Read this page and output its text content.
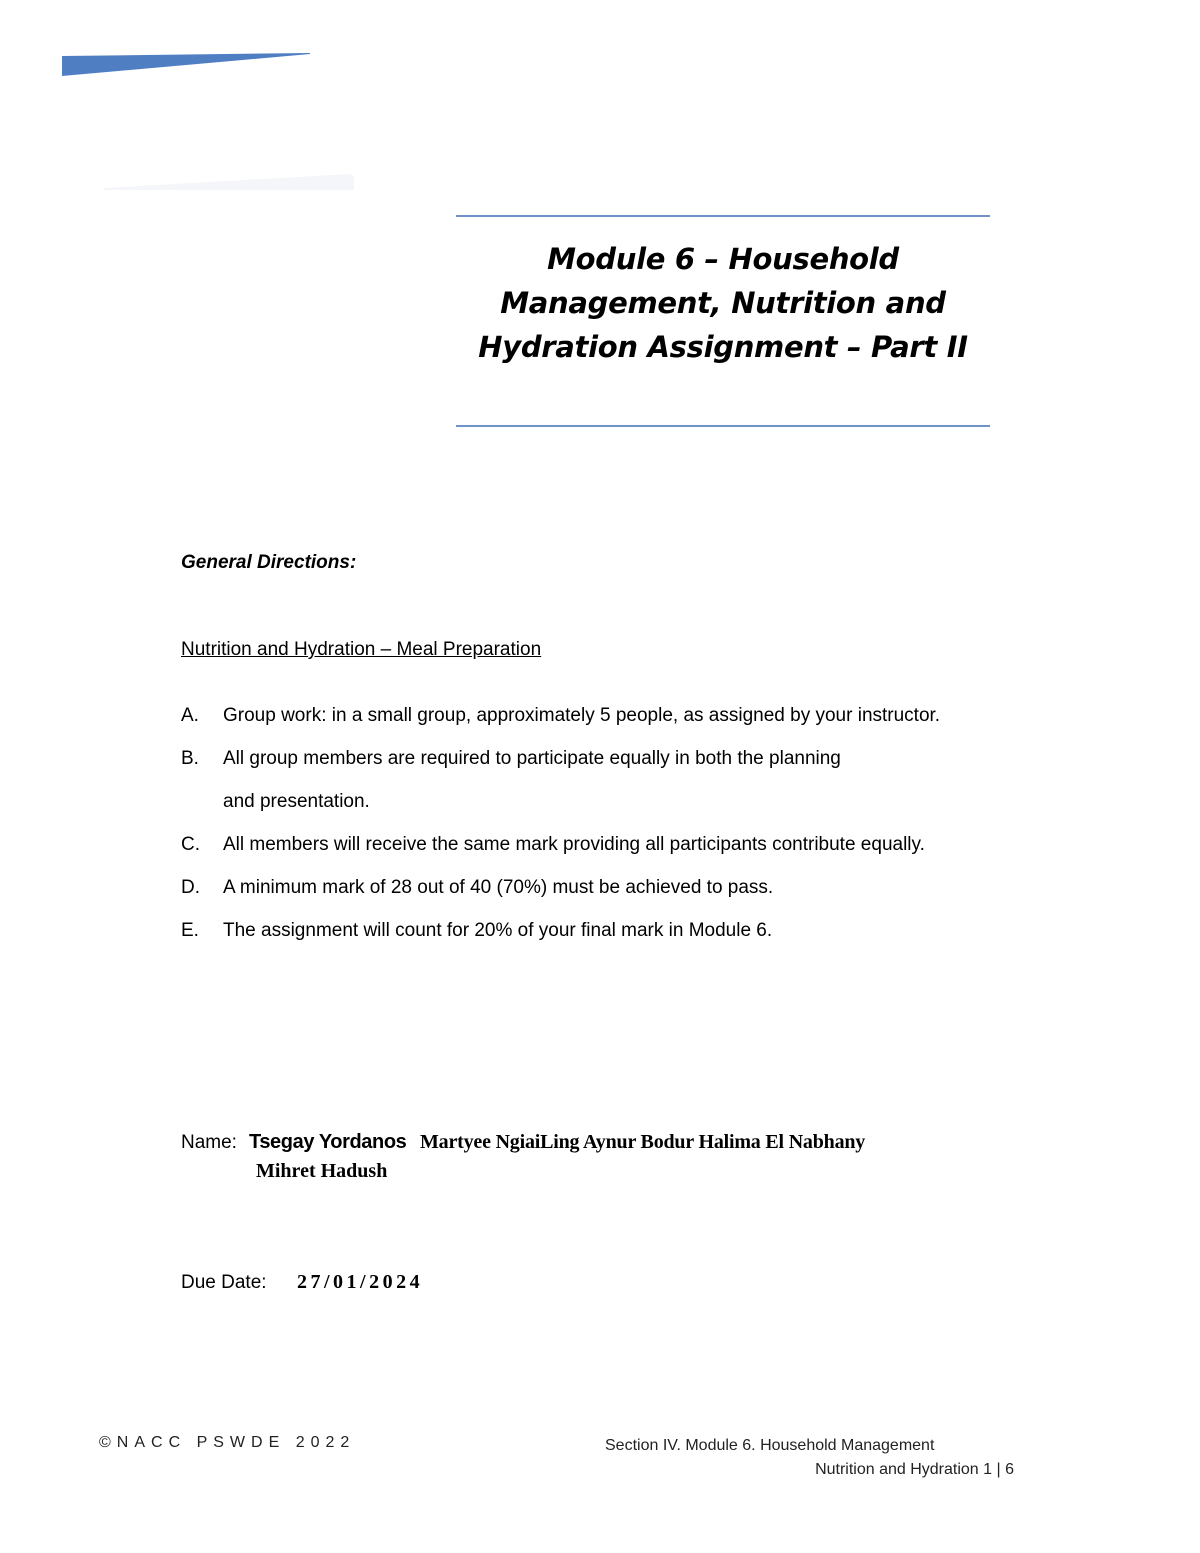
Module 6 – Household Management, Nutrition and Hydration Assignment – Part II
General Directions:
Nutrition and Hydration – Meal Preparation
A. Group work: in a small group, approximately 5 people, as assigned by your instructor.
B. All group members are required to participate equally in both the planning
and presentation.
C. All members will receive the same mark providing all participants contribute equally.
D. A minimum mark of 28 out of 40 (70%) must be achieved to pass.
E. The assignment will count for 20% of your final mark in Module 6.
Name: Tsegay Yordanos Martyee NgiaiLing Aynur Bodur Halima El Nabhany
Mihret Hadush
Due Date: 27/01/2024
©NACC PSWDE 2022	Section IV. Module 6. Household Management
Nutrition and Hydration 1 | 6
